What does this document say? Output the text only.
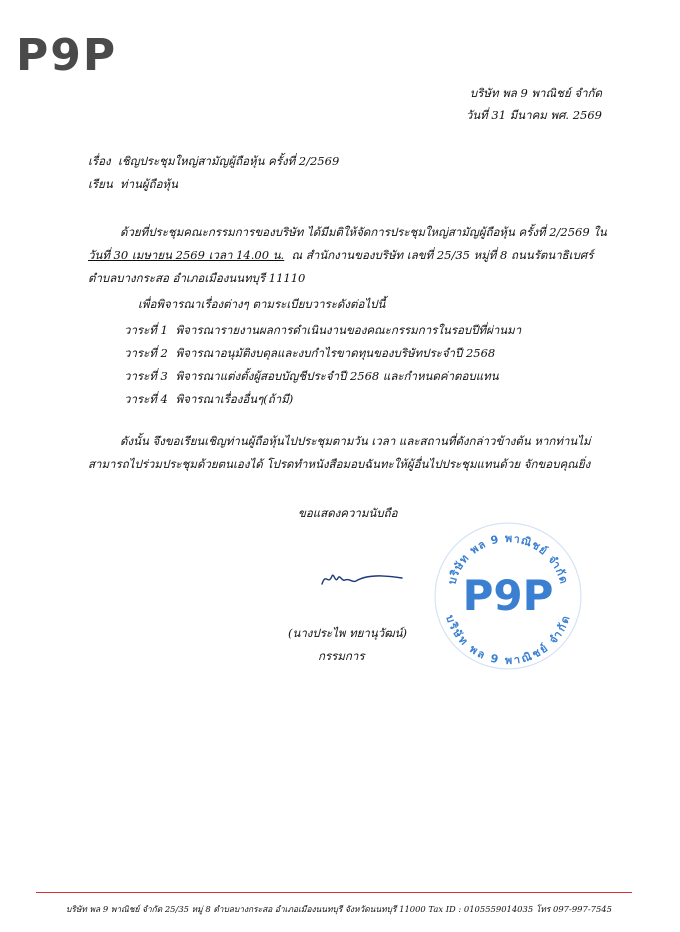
P9P
บริษัท พล 9 พาณิชย์ จำกัด
วันที่ 31 มีนาคม พศ. 2569
เรื่อง เชิญประชุมใหญ่สามัญผู้ถือหุ้น ครั้งที่ 2/2569
เรียน ท่านผู้ถือหุ้น
ด้วยที่ประชุมคณะกรรมการของบริษัท ได้มีมติให้จัดการประชุมใหญ่สามัญผู้ถือหุ้น ครั้งที่ 2/2569 ใน
วันที่ 30 เมษายน 2569 เวลา 14.00 น. ณ สำนักงานของบริษัท เลขที่ 25/35 หมู่ที่ 8 ถนนรัตนาธิเบศร์
ตำบลบางกระสอ อำเภอเมืองนนทบุรี 11110
เพื่อพิจารณาเรื่องต่างๆ ตามระเบียบวาระดังต่อไปนี้
วาระที่ 1 พิจารณารายงานผลการดำเนินงานของคณะกรรมการในรอบปีที่ผ่านมา
วาระที่ 2 พิจารณาอนุมัติงบดุลและงบกำไรขาดทุนของบริษัทประจำปี 2568
วาระที่ 3 พิจารณาแต่งตั้งผู้สอบบัญชีประจำปี 2568 และกำหนดค่าตอบแทน
วาระที่ 4 พิจารณาเรื่องอื่นๆ(ถ้ามี)
ดังนั้น จึงขอเรียนเชิญท่านผู้ถือหุ้นไปประชุมตามวัน เวลา และสถานที่ดังกล่าวข้างต้น หากท่านไม่
สามารถไปร่วมประชุมด้วยตนเองได้ โปรดทำหนังสือมอบฉันทะให้ผู้อื่นไปประชุมแทนด้วย จักขอบคุณยิ่ง
ขอแสดงความนับถือ
(นางประไพ ทยานุวัฒน์)
กรรมการ
บริษัท พล 9 พาณิชย์ จำกัด
P9P
บริษัท พล 9 พาณิชย์ จำกัด
บริษัท พล 9 พาณิชย์ จำกัด 25/35 หมู่ 8 ตำบลบางกระสอ อำเภอเมืองนนทบุรี จังหวัดนนทบุรี 11000 Tax ID : 0105559014035 โทร 097-997-7545
